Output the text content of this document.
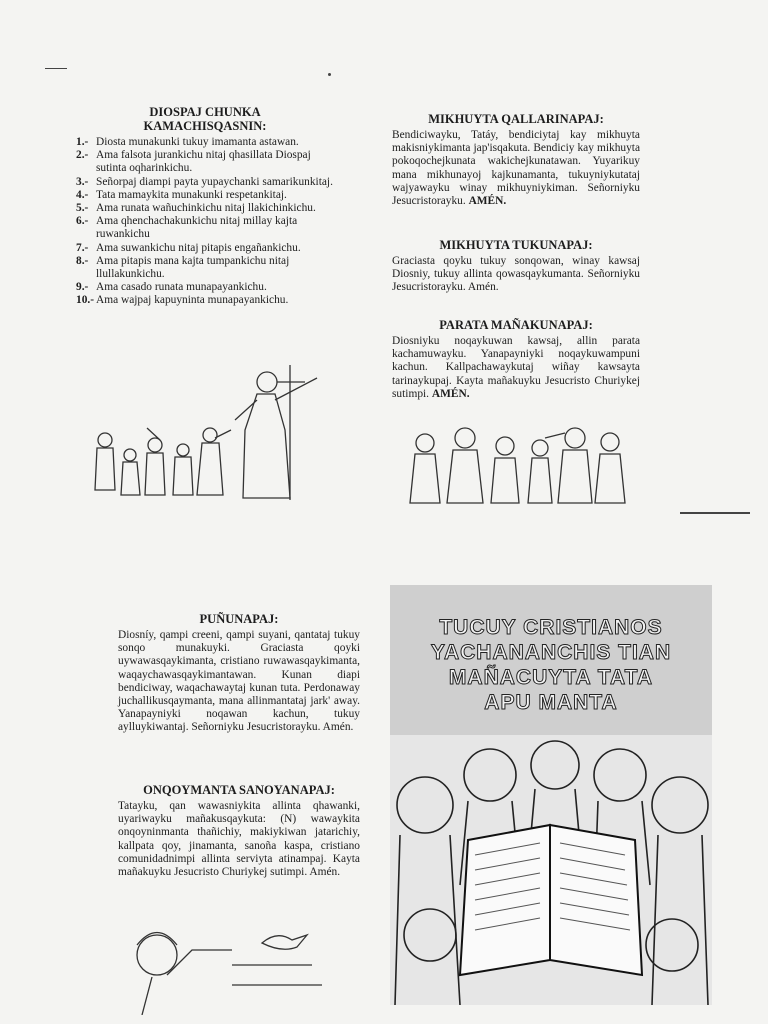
DIOSPAJ CHUNKA
KAMACHISQASNIN:
1.- Diosta munakunki tukuy imamanta astawan.
2.- Ama falsota jurankichu nitaj qhasillata Diospaj sutinta oqharinkichu.
3.- Señorpaj diampi payta yupaychanki samarikunkitaj.
4.- Tata mamaykita munakunki respetankitaj.
5.- Ama runata wañuchinkichu nitaj llakichinkichu.
6.- Ama qhenchachakunkichu nitaj millay kajta ruwankichu
7.- Ama suwankichu nitaj pitapis engañankichu.
8.- Ama pitapis mana kajta tumpankichu nitaj llullakunkichu.
9.- Ama casado runata munapayankichu.
10.- Ama wajpaj kapuyninta munapayankichu.
MIKHUYTA QALLARINAPAJ:

Bendiciwayku, Tatáy, bendiciytaj kay mikhuyta makisniykimanta jap'isqakuta. Bendiciy kay mikhuyta pokoqochejkunata wakichejkunatawan. Yuyarikuy mana mikhunayoj kajkunamanta, tukuyniykutataj wajyawayku winay mikhuyniykiman. Señorniyku Jesucristorayku. AMÉN.

MIKHUYTA TUKUNAPAJ:

Graciasta qoyku tukuy sonqowan, winay kawsaj Diosniy, tukuy allinta qowasqaykumanta. Señorniyku Jesucristorayku. Amén.

PARATA MAÑAKUNAPAJ:

Diosniyku noqaykuwan kawsaj, allin parata kachamuwayku. Yanapayniyki noqaykuwampuni kachun. Kallpachawaykutaj wiñay kawsayta tarinaykupaj. Kayta mañakuyku Jesucristo Churiykej sutimpi. AMÉN.

PUÑUNAPAJ:

Diosníy, qampi creeni, qampi suyani, qantataj tukuy sonqo munakuyki. Graciasta qoyki uywawasqaykimanta, cristiano ruwawasqaykimanta, waqaychawasqaykimantawan. Kunan diapi bendiciway, waqachawaytaj kunan tuta. Perdonaway juchallikusqaymanta, mana allinmantataj jark' away. Yanapayniyki noqawan kachun, tukuy aylluykiwantaj. Señorniyku Jesucristorayku. Amén.

ONQOYMANTA SANOYANAPAJ:

Tatayku, qan wawasniykita allinta qhawanki, uyariwayku mañakusqaykuta: (N) wawaykita onqoyninmanta thañichiy, makiykiwan jatarichiy, kallpata qoy, jinamanta, sanoña kaspa, cristiano comunidadnimpi allinta serviyta atinampaj. Kayta mañakuyku Jesucristo Churiykej sutimpi. Amén.

TUCUY CRISTIANOS
YACHANANCHIS TIAN
MAÑACUYTA TATA
APU MANTA
